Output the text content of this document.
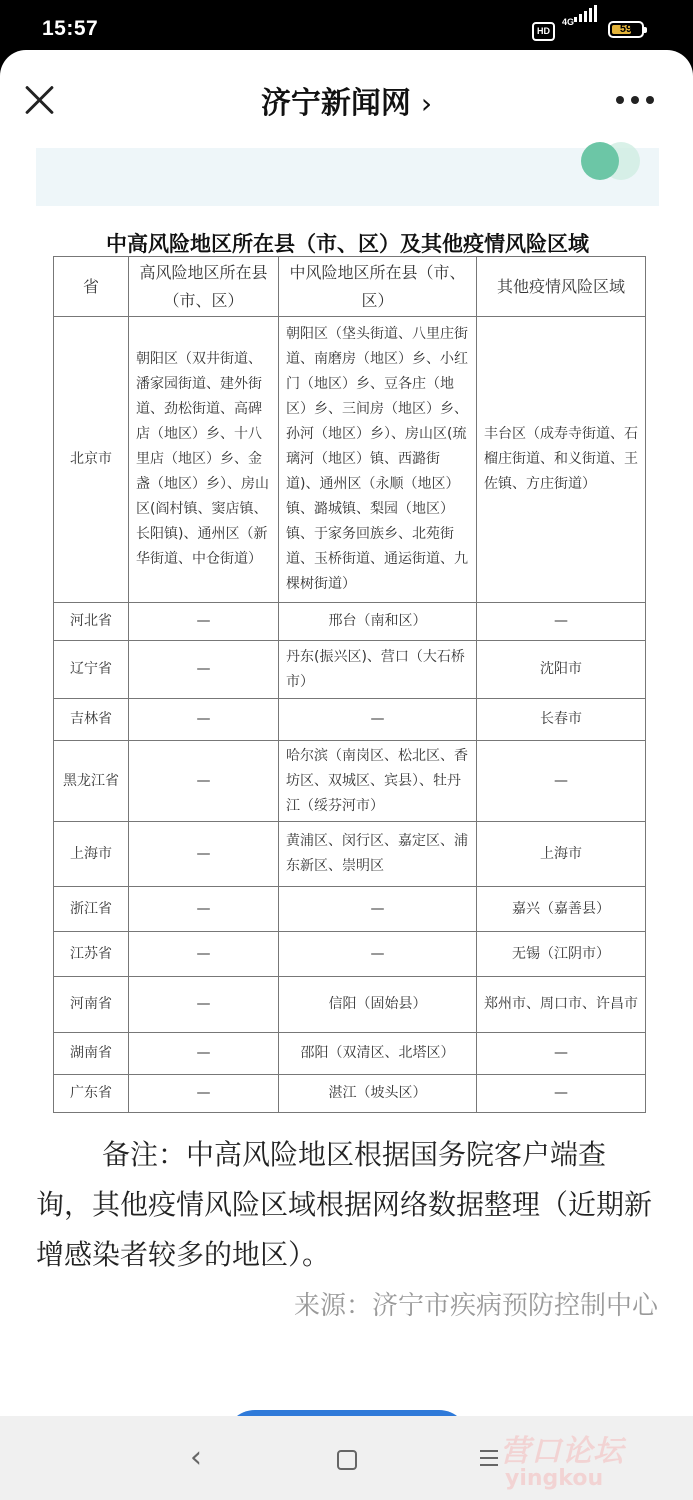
15:57	HD
4G
59
济宁新闻网 ›
中高风险地区所在县（市、区）及其他疫情风险区域
省	高风险地区所在县（市、区）	中风险地区所在县（市、区）	其他疫情风险区域
北京市	朝阳区（双井街道、潘家园街道、建外街道、劲松街道、高碑店（地区）乡、十八里店（地区）乡、金盏（地区）乡）、房山区(阎村镇、窦店镇、长阳镇)、通州区（新华街道、中仓街道）	朝阳区（垡头街道、八里庄街道、南磨房（地区）乡、小红门（地区）乡、豆各庄（地区）乡、三间房（地区）乡、孙河（地区）乡）、房山区(琉璃河（地区）镇、西潞街道)、通州区（永顺（地区）镇、潞城镇、梨园（地区）镇、于家务回族乡、北苑街道、玉桥街道、通运街道、九棵树街道）	丰台区（成寿寺街道、石榴庄街道、和义街道、王佐镇、方庄街道）
河北省	—	邢台（南和区）	—
辽宁省	—	丹东(振兴区)、营口（大石桥市）	沈阳市
吉林省	—	—	长春市
黑龙江省	—	哈尔滨（南岗区、松北区、香坊区、双城区、宾县）、牡丹江（绥芬河市）	—
上海市	—	黄浦区、闵行区、嘉定区、浦东新区、崇明区	上海市
浙江省	—	—	嘉兴（嘉善县）
江苏省	—	—	无锡（江阴市）
河南省	—	信阳（固始县）	郑州市、周口市、许昌市
湖南省	—	邵阳（双清区、北塔区）	—
广东省	—	湛江（坡头区）	—
备注：中高风险地区根据国务院客户端查询，其他疫情风险区域根据网络数据整理（近期新增感染者较多的地区）。
来源：济宁市疾病预防控制中心
‹	营口论坛
yingkou
